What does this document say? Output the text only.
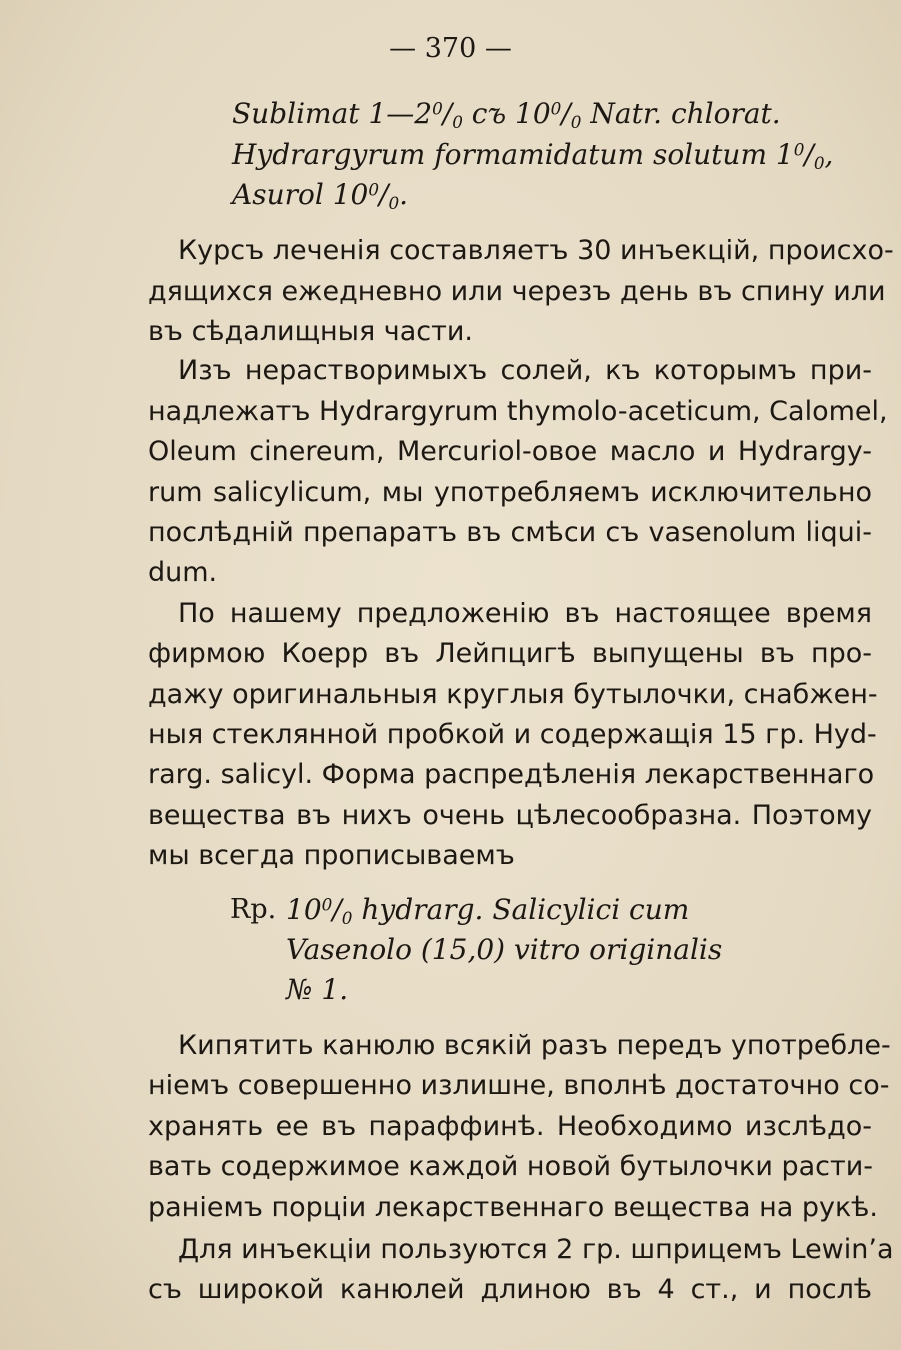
— 370 —
Sublimat $1—2^0/_0$ съ $10^0/_0$ Natr. chlorat.
Hydrargyrum formamidatum solutum $1^0/_0$,
Asurol $10^0/_0$.
Курсъ леченія составляетъ 30 инъекцій, происхо-
дящихся ежедневно или черезъ день въ спину или
въ сѣдалищныя части.
Изъ нерастворимыхъ солей, къ которымъ при-
надлежатъ Hydrargyrum thymolo-aceticum, Calomel,
Oleum cinereum, Mercuriol-овое масло и Hydrargy-
rum salicylicum, мы употребляемъ исключительно
послѣдній препаратъ въ смѣси съ vasenolum liqui-
dum.
По нашему предложенію въ настоящее время
фирмою Коерр въ Лейпцигѣ выпущены въ про-
дажу оригинальныя круглыя бутылочки, снабжен-
ныя стеклянной пробкой и содержащія 15 гр. Hyd-
rarg. salicyl. Форма распредѣленія лекарственнаго
вещества въ нихъ очень цѣлесообразна. Поэтому
мы всегда прописываемъ
Rp. $10^0/_0$ hydrarg. Salicylici cum
Vasenolo (15,0) vitro originalis
№ 1.
Кипятить канюлю всякій разъ передъ употребле-
ніемъ совершенно излишне, вполнѣ достаточно со-
хранять ее въ параффинѣ. Необходимо изслѣдо-
вать содержимое каждой новой бутылочки расти-
раніемъ порціи лекарственнаго вещества на рукѣ.
Для инъекціи пользуются 2 гр. шприцемъ Lewin’а
съ широкой канюлей длиною въ 4 ст., и послѣ
